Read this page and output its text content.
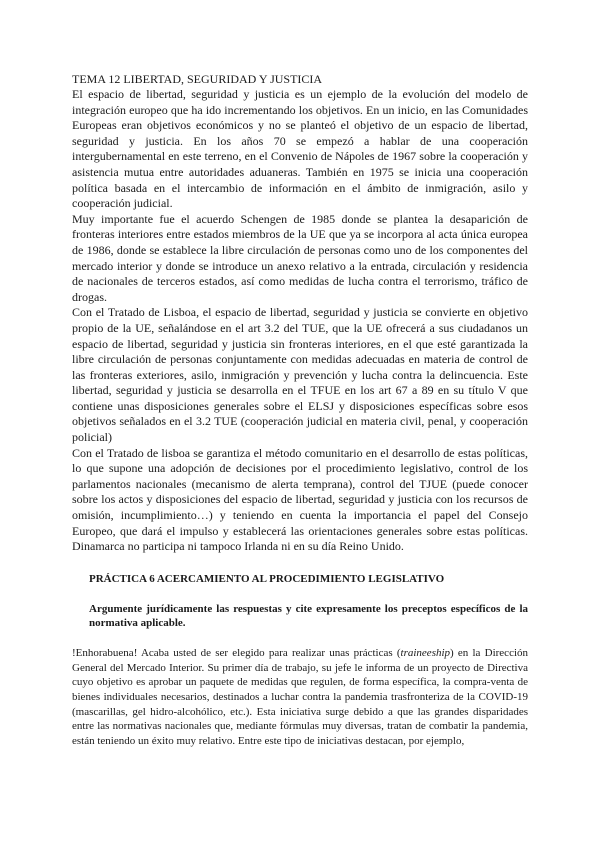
TEMA 12 LIBERTAD, SEGURIDAD Y JUSTICIA

El espacio de libertad, seguridad y justicia es un ejemplo de la evolución del modelo de integración europeo que ha ido incrementando los objetivos. En un inicio, en las Comunidades Europeas eran objetivos económicos y no se planteó el objetivo de un espacio de libertad, seguridad y justicia. En los años 70 se empezó a hablar de una cooperación intergubernamental en este terreno, en el Convenio de Nápoles de 1967 sobre la cooperación y asistencia mutua entre autoridades aduaneras. También en 1975 se inicia una cooperación política basada en el intercambio de información en el ámbito de inmigración, asilo y cooperación judicial.

Muy importante fue el acuerdo Schengen de 1985 donde se plantea la desaparición de fronteras interiores entre estados miembros de la UE que ya se incorpora al acta única europea de 1986, donde se establece la libre circulación de personas como uno de los componentes del mercado interior y donde se introduce un anexo relativo a la entrada, circulación y residencia de nacionales de terceros estados, así como medidas de lucha contra el terrorismo, tráfico de drogas.

Con el Tratado de Lisboa, el espacio de libertad, seguridad y justicia se convierte en objetivo propio de la UE, señalándose en el art 3.2 del TUE, que la UE ofrecerá a sus ciudadanos un espacio de libertad, seguridad y justicia sin fronteras interiores, en el que esté garantizada la libre circulación de personas conjuntamente con medidas adecuadas en materia de control de las fronteras exteriores, asilo, inmigración y prevención y lucha contra la delincuencia. Este libertad, seguridad y justicia se desarrolla en el TFUE en los art 67 a 89 en su título V que contiene unas disposiciones generales sobre el ELSJ y disposiciones específicas sobre esos objetivos señalados en el 3.2 TUE (cooperación judicial en materia civil, penal, y cooperación policial)

Con el Tratado de lisboa se garantiza el método comunitario en el desarrollo de estas políticas, lo que supone una adopción de decisiones por el procedimiento legislativo, control de los parlamentos nacionales (mecanismo de alerta temprana), control del TJUE (puede conocer sobre los actos y disposiciones del espacio de libertad, seguridad y justicia con los recursos de omisión, incumplimiento…) y teniendo en cuenta la importancia el papel del Consejo Europeo, que dará el impulso y establecerá las orientaciones generales sobre estas políticas. Dinamarca no participa ni tampoco Irlanda ni en su día Reino Unido.

PRÁCTICA 6 ACERCAMIENTO AL PROCEDIMIENTO LEGISLATIVO

Argumente jurídicamente las respuestas y cite expresamente los preceptos específicos de la normativa aplicable.

!Enhorabuena! Acaba usted de ser elegido para realizar unas prácticas (traineeship) en la Dirección General del Mercado Interior. Su primer día de trabajo, su jefe le informa de un proyecto de Directiva cuyo objetivo es aprobar un paquete de medidas que regulen, de forma específica, la compra-venta de bienes individuales necesarios, destinados a luchar contra la pandemia trasfronteriza de la COVID-19 (mascarillas, gel hidro-alcohólico, etc.). Esta iniciativa surge debido a que las grandes disparidades entre las normativas nacionales que, mediante fórmulas muy diversas, tratan de combatir la pandemia, están teniendo un éxito muy relativo. Entre este tipo de iniciativas destacan, por ejemplo,
